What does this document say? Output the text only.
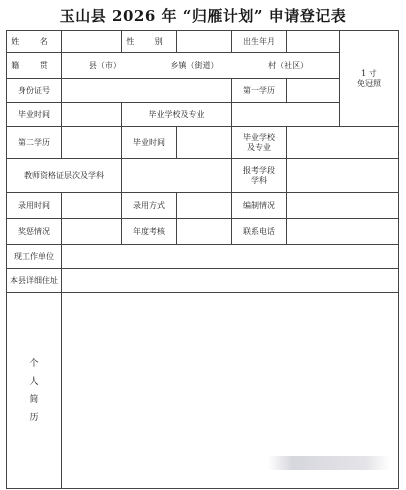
玉山县 2026 年 “归雁计划” 申请登记表
姓 名		性 别		出生年月		1 寸
免冠照

籍 贯	县（市） 乡镇（街道） 村（社区）					

身份证号				第一学历		
毕业时间		毕业学校及专业				
第二学历		毕业时间		毕业学校
及专业		

教师资格证层次及学科				报考学段
学科		

录用时间		录用方式		编制情况		
奖惩情况		年度考核		联系电话		
现工作单位						
本县详细住址						

个人简历						
